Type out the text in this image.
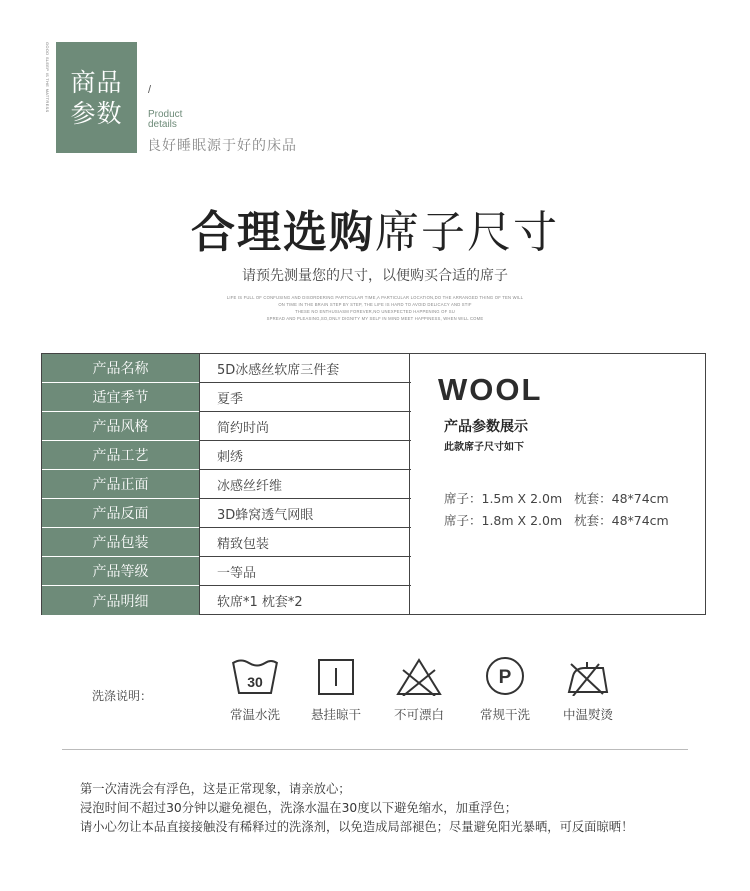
GOOD SLEEP IS THE MATTRESS 商品
参数
/
Product
details
良好睡眠源于好的床品
合理选购席子尺寸
请预先测量您的尺寸，以便购买合适的席子
LIFE IS FULL OF CONFUSING AND DISORDERING PARTICULAR TIME,A PARTICULAR LOCATION,DO THE ARRANGED THING OF TEN WILL
ON TIME IN THE BRAIN STEP BY STEP, THE LIFE IS HARD TO AVOID DELICACY AND STIF
THESE NO ENTHUSIASM FOREVER,NO UNEXPECTED HAPPENING OF SU
SPREAD AND PLEASING,SO,ONLY DIGNITY MY SELF IN MIND MEET HAPPINESS, WHEN WILL COME
产品名称	5D冰感丝软席三件套
适宜季节	夏季
产品风格	简约时尚
产品工艺	刺绣
产品正面	冰感丝纤维
产品反面	3D蜂窝透气网眼
产品包装	精致包装
产品等级	一等品
产品明细	软席*1 枕套*2
WOOL
产品参数展示
此款席子尺寸如下
席子：1.5m X 2.0m 枕套：48*74cm
席子：1.8m X 2.0m 枕套：48*74cm
洗涤说明：
30
常温水洗	悬挂晾干	不可漂白
P
常规干洗	中温熨烫
第一次清洗会有浮色，这是正常现象，请亲放心；
浸泡时间不超过30分钟以避免褪色，洗涤水温在30度以下避免缩水，加重浮色；
请小心勿让本品直接接触没有稀释过的洗涤剂，以免造成局部褪色；尽量避免阳光暴晒，可反面晾晒！
